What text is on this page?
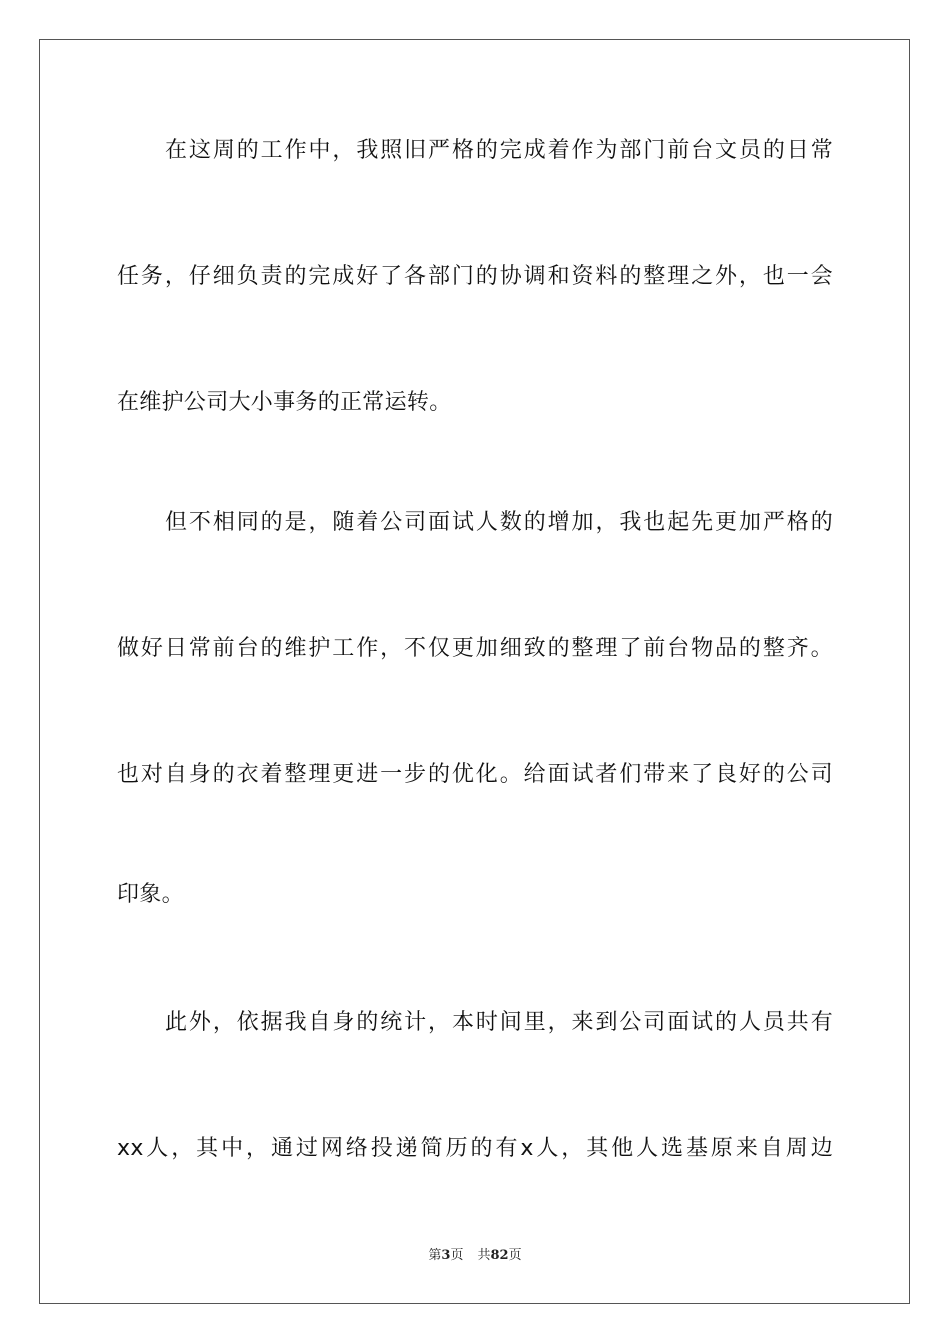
在这周的工作中，我照旧严格的完成着作为部门前台文员的日常
任务，仔细负责的完成好了各部门的协调和资料的整理之外，也一会
在维护公司大小事务的正常运转。
但不相同的是，随着公司面试人数的增加，我也起先更加严格的
做好日常前台的维护工作，不仅更加细致的整理了前台物品的整齐。
也对自身的衣着整理更进一步的优化。给面试者们带来了良好的公司
印象。
此外，依据我自身的统计，本时间里，来到公司面试的人员共有
xx人，其中，通过网络投递简历的有x人，其他人选基原来自周边
第3页 共82页
